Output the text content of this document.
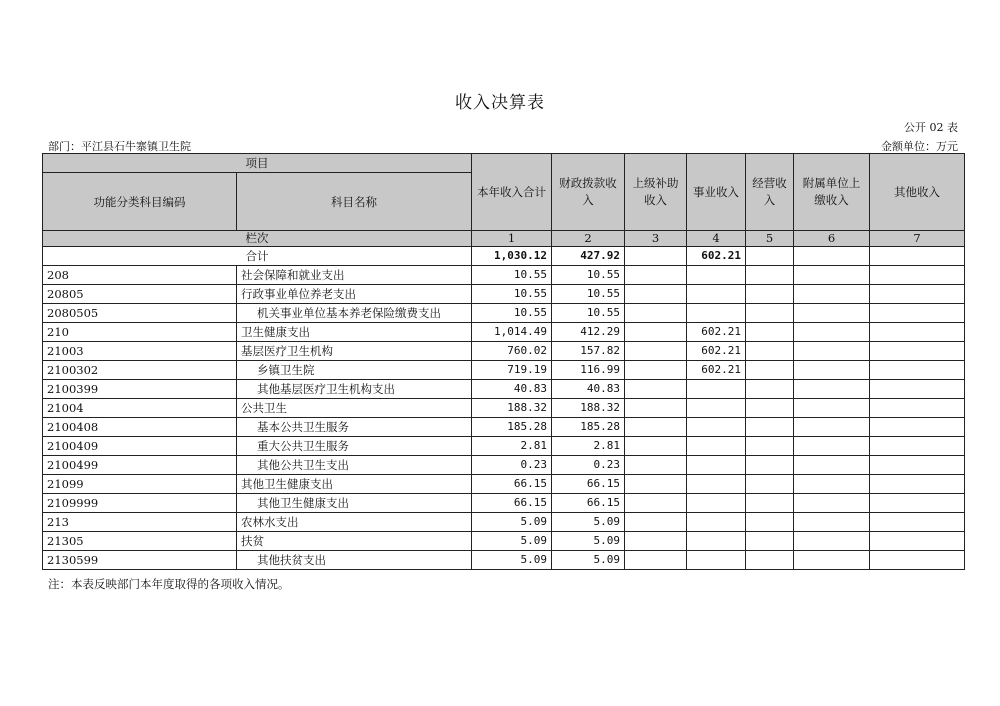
收入决算表
公开 02 表
部门：平江县石牛寨镇卫生院	金额单位：万元
项目		本年收入合计	财政拨款收入	上级补助收入	事业收入	经营收入	附属单位上缴收入	其他收入
功能分类科目编码	科目名称							
栏次		1	2	3	4	5	6	7
合计		1,030.12	427.92		602.21			
208	社会保障和就业支出	10.55	10.55					
20805	行政事业单位养老支出	10.55	10.55					
2080505	机关事业单位基本养老保险缴费支出	10.55	10.55					
210	卫生健康支出	1,014.49	412.29		602.21			
21003	基层医疗卫生机构	760.02	157.82		602.21			
2100302	乡镇卫生院	719.19	116.99		602.21			
2100399	其他基层医疗卫生机构支出	40.83	40.83					
21004	公共卫生	188.32	188.32					
2100408	基本公共卫生服务	185.28	185.28					
2100409	重大公共卫生服务	2.81	2.81					
2100499	其他公共卫生支出	0.23	0.23					
21099	其他卫生健康支出	66.15	66.15					
2109999	其他卫生健康支出	66.15	66.15					
213	农林水支出	5.09	5.09					
21305	扶贫	5.09	5.09					
2130599	其他扶贫支出	5.09	5.09					
注：本表反映部门本年度取得的各项收入情况。
